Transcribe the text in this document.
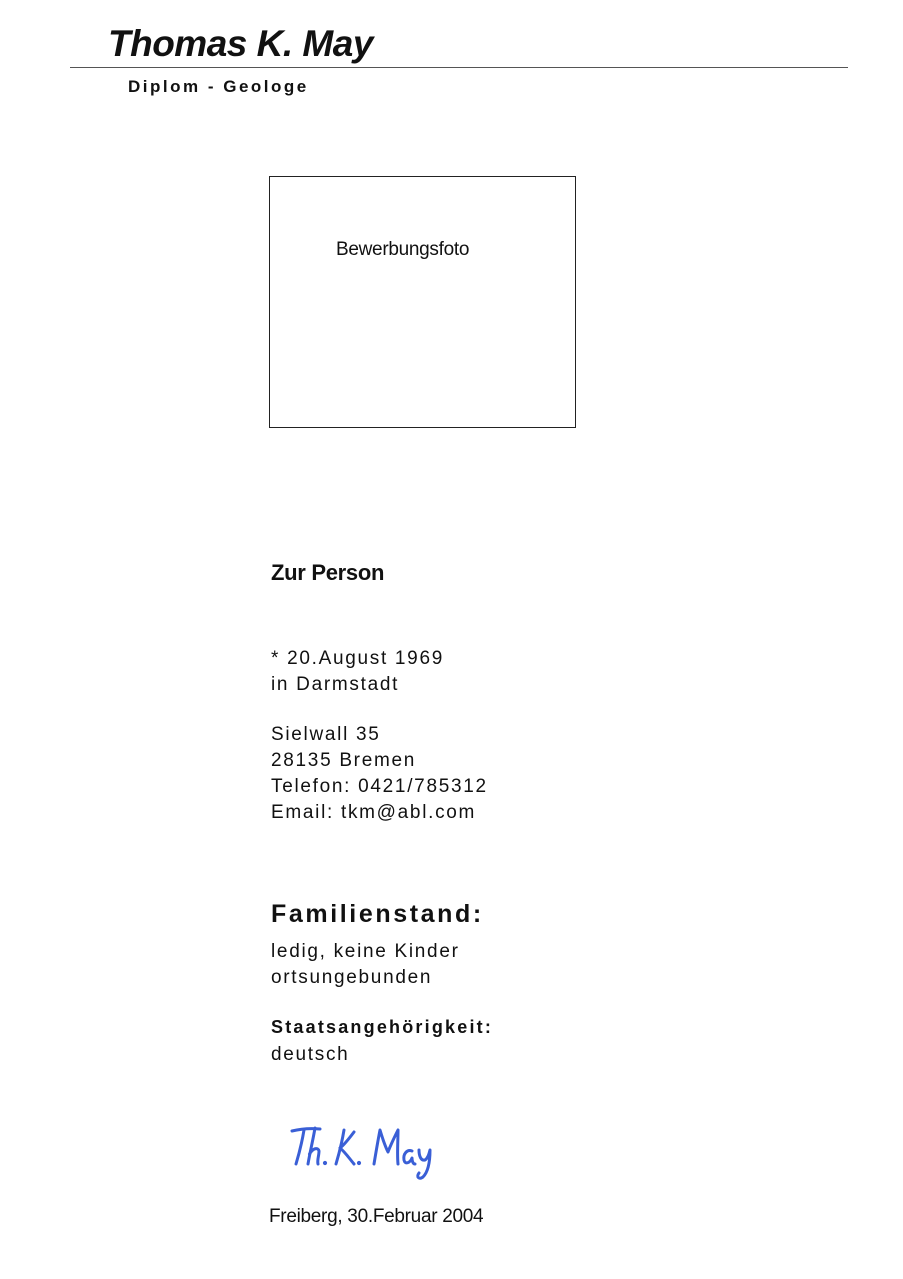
Thomas K. May
Diplom - Geologe
Bewerbungsfoto
Zur Person
* 20.August 1969
in Darmstadt
Sielwall 35
28135 Bremen
Telefon: 0421/785312
Email: tkm@abl.com
Familienstand:
ledig, keine Kinder
ortsungebunden
Staatsangehörigkeit:
deutsch
Freiberg, 30.Februar 2004
